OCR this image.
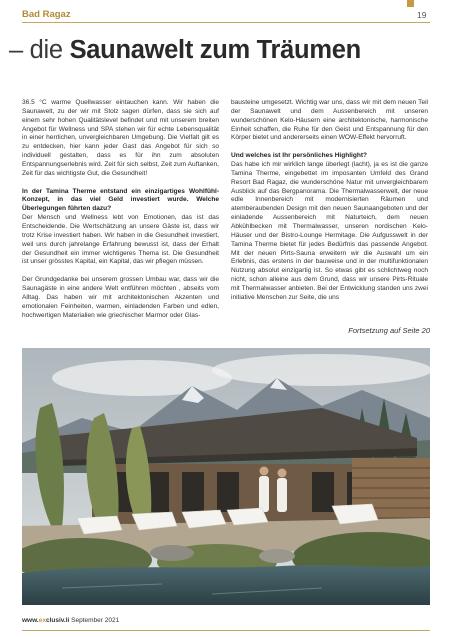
Bad Ragaz	19
– die Saunawelt zum Träumen

36.5 °C warme Quellwasser eintauchen kann. Wir haben die Saunawelt, zu der wir mit Stolz sagen dürfen, dass sie sich auf einem sehr hohen Qualitätslevel befindet und mit unserem breiten Angebot für Wellness und SPA stehen wir für echte Lebensqualität in einer herrlichen, unvergleichbaren Umgebung. Die Vielfalt gilt es zu entdecken, hier kann jeder Gast das Angebot für sich so individuell gestalten, dass es für ihn zum absoluten Entspannungserlebnis wird. Zeit für sich selbst, Zeit zum Auftanken, Zeit für das wichtigste Gut, die Gesundheit!

In der Tamina Therme entstand ein einzigartiges Wohlfühl-Konzept, in das viel Geld investiert wurde. Welche Überlegungen führten dazu?
Der Mensch und Wellness lebt von Emotionen, das ist das Entscheidende. Die Wertschätzung an unsere Gäste ist, dass wir trotz Krise investiert haben. Wir haben in die Gesundheit investiert, weil uns durch jahrelange Erfahrung bewusst ist, dass der Erhalt der Gesundheit ein immer wichtigeres Thema ist. Die Gesundheit ist unser grösstes Kapital, ein Kapital, das wir pflegen müssen.

Der Grundgedanke bei unserem grossen Umbau war, dass wir die Saunagäste in eine andere Welt entführen möchten , abseits vom Alltag. Das haben wir mit architektonischen Akzenten und emotionalen Feinheiten, warmen, einladenden Farben und edlen, hochwertigen Materialien wie griechischer Marmor oder Glas-

bausteine umgesetzt. Wichtig war uns, dass wir mit dem neuen Teil der Saunawelt und dem Aussenbereich mit unseren wunderschönen Kelo-Häusern eine architektonische, harmonische Einheit schaffen, die Ruhe für den Geist und Entspannung für den Körper bietet und andererseits einen WOW-Effekt hervorruft.

Und welches ist Ihr persönliches Highlight?
Das habe ich mir wirklich lange überlegt (lacht), ja es ist die ganze Tamina Therme, eingebettet im imposanten Umfeld des Grand Resort Bad Ragaz, die wunderschöne Natur mit unvergleichbarem Ausblick auf das Bergpanorama. Die Thermalwasserwelt, der neue edle Innenbereich mit modernisierten Räumen und atemberaubenden Design mit den neuen Saunaangeboten und der einladende Aussenbereich mit Naturteich, dem neuen Abkühlbecken mit Thermalwasser, unseren nordischen Kelo-Häuser und der Bistro-Lounge Hermitage. Die Aufgusswelt in der Tamina Therme bietet für jedes Bedürfnis das passende Angebot. Mit der neuen Pirts-Sauna erweitern wir die Auswahl um ein Erlebnis, das erstens in der bauweise und in der multifunktionalen Nutzung absolut einzigartig ist. So etwas gibt es schlichtweg noch nicht, schon alleine aus dem Grund, dass wir unsere Pirts-Rituale mit Thermalwasser anbieten. Bei der Entwicklung standen uns zwei initiative Menschen zur Seite, die uns

Fortsetzung auf Seite 20
www.exclusiv.li September 2021
